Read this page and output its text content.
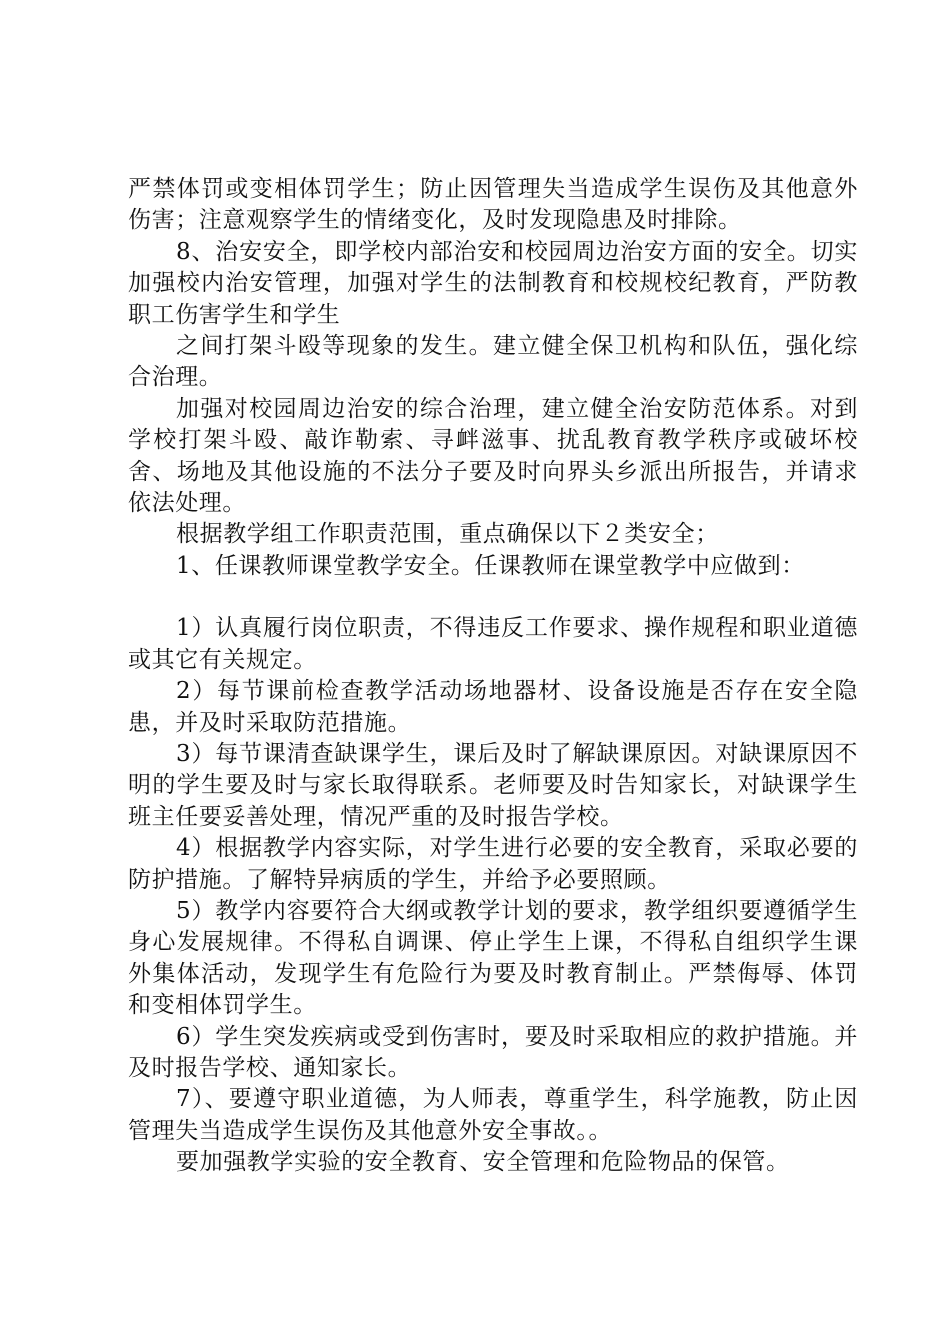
严禁体罚或变相体罚学生；防止因管理失当造成学生误伤及其他意外伤害；注意观察学生的情绪变化，及时发现隐患及时排除。

8、治安安全，即学校内部治安和校园周边治安方面的安全。切实加强校内治安管理，加强对学生的法制教育和校规校纪教育，严防教职工伤害学生和学生

之间打架斗殴等现象的发生。建立健全保卫机构和队伍，强化综合治理。

加强对校园周边治安的综合治理，建立健全治安防范体系。对到学校打架斗殴、敲诈勒索、寻衅滋事、扰乱教育教学秩序或破坏校舍、场地及其他设施的不法分子要及时向界头乡派出所报告，并请求依法处理。

根据教学组工作职责范围，重点确保以下２类安全；

1、任课教师课堂教学安全。任课教师在课堂教学中应做到：

1）认真履行岗位职责，不得违反工作要求、操作规程和职业道德或其它有关规定。

2）每节课前检查教学活动场地器材、设备设施是否存在安全隐患，并及时采取防范措施。

3）每节课清查缺课学生，课后及时了解缺课原因。对缺课原因不明的学生要及时与家长取得联系。老师要及时告知家长，对缺课学生班主任要妥善处理，情况严重的及时报告学校。

4）根据教学内容实际，对学生进行必要的安全教育，采取必要的防护措施。了解特异病质的学生，并给予必要照顾。

5）教学内容要符合大纲或教学计划的要求，教学组织要遵循学生身心发展规律。不得私自调课、停止学生上课，不得私自组织学生课外集体活动，发现学生有危险行为要及时教育制止。严禁侮辱、体罚和变相体罚学生。

6）学生突发疾病或受到伤害时，要及时采取相应的救护措施。并及时报告学校、通知家长。

7）、要遵守职业道德，为人师表，尊重学生，科学施教，防止因管理失当造成学生误伤及其他意外安全事故。。

要加强教学实验的安全教育、安全管理和危险物品的保管。
